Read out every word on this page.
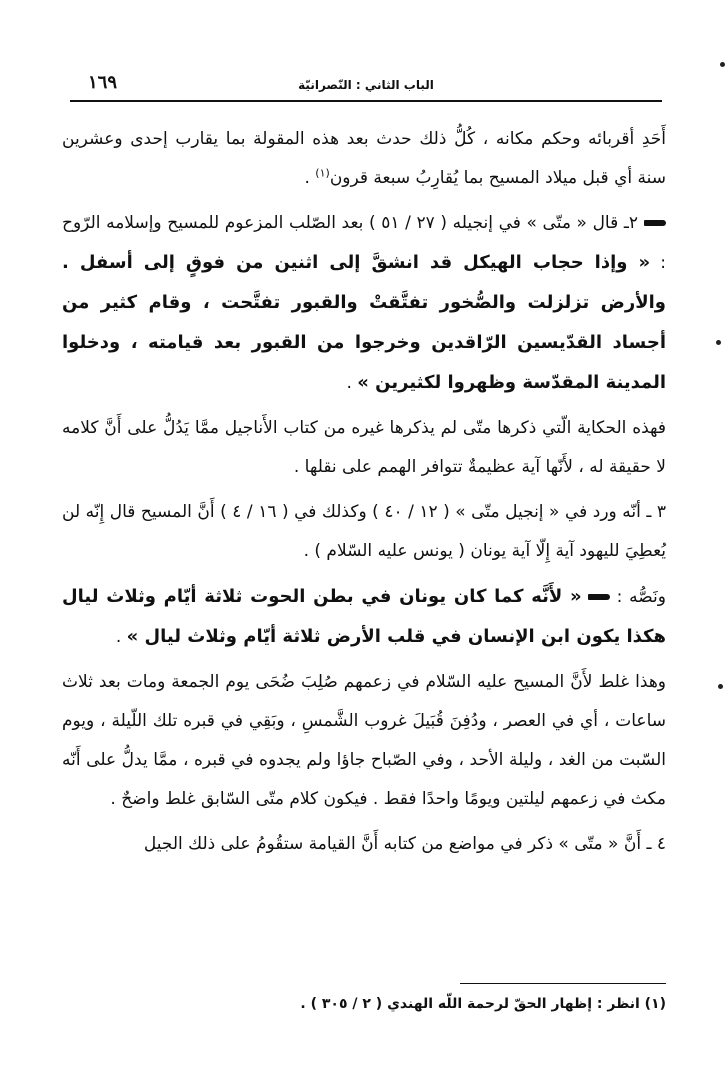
١٦٩	الباب الثاني : النّصرانيّة

أَحَدِ أقربائه وحكم مكانه ، كُلُّ ذلك حدث بعد هذه المقولة بما يقارب إحدى وعشرين سنة أي قبل ميلاد المسيح بما يُقارِبُ سبعة قرون$^{(١)}$ .

٢ـ قال « متّى » في إنجيله ( ٢٧ / ٥١ ) بعد الصّلب المزعوم للمسيح وإسلامه الرّوح : « وإذا حجاب الهيكل قد انشقَّ إلى اثنين من فوقٍ إلى أسفل . والأرض تزلزلت والصُّخور تفتَّقتْ والقبور تفتَّحت ، وقام كثير من أجساد القدّيسين الرّاقدين وخرجوا من القبور بعد قيامته ، ودخلوا المدينة المقدّسة وظهروا لكثيرين » .

فهذه الحكاية الّتي ذكرها متّى لم يذكرها غيره من كتاب الأَناجيل ممَّا يَدُلُّ على أَنَّ كلامه لا حقيقة له ، لأَنّها آية عظيمةٌ تتوافر الهمم على نقلها .

٣ ـ أنّه ورد في « إنجيل متّى » ( ١٢ / ٤٠ ) وكذلك في ( ١٦ / ٤ ) أَنَّ المسيح قال إِنّه لن يُعطِيَ لليهود آية إِلّا آية يونان ( يونس عليه السّلام ) .

ونَصُّه : « لأَنَّه كما كان يونان في بطن الحوت ثلاثة أيّام وثلاث ليال هكذا يكون ابن الإنسان في قلب الأرض ثلاثة أيّام وثلاث ليال » .

وهذا غلط لأَنَّ المسيح عليه السّلام في زعمهم صُلِبَ ضُحَى يوم الجمعة ومات بعد ثلاث ساعات ، أي في العصر ، ودُفِنَ قُبَيلَ غروب الشَّمسِ ، وبَقِي في قبره تلك اللّيلة ، ويوم السّبت من الغد ، وليلة الأحد ، وفي الصّباح جاؤا ولم يجدوه في قبره ، ممَّا يدلُّ على أَنّه مكث في زعمهم ليلتين ويومًا واحدًا فقط . فيكون كلام متّى السّابق غلط واضحٌ .

٤ ـ أَنَّ « متّى » ذكر في مواضع من كتابه أَنَّ القيامة ستقُومُ على ذلك الجيل

(١) انظر : إظهار الحقّ لرحمة اللّه الهندي ( ٢ / ٣٠٥ ) .
